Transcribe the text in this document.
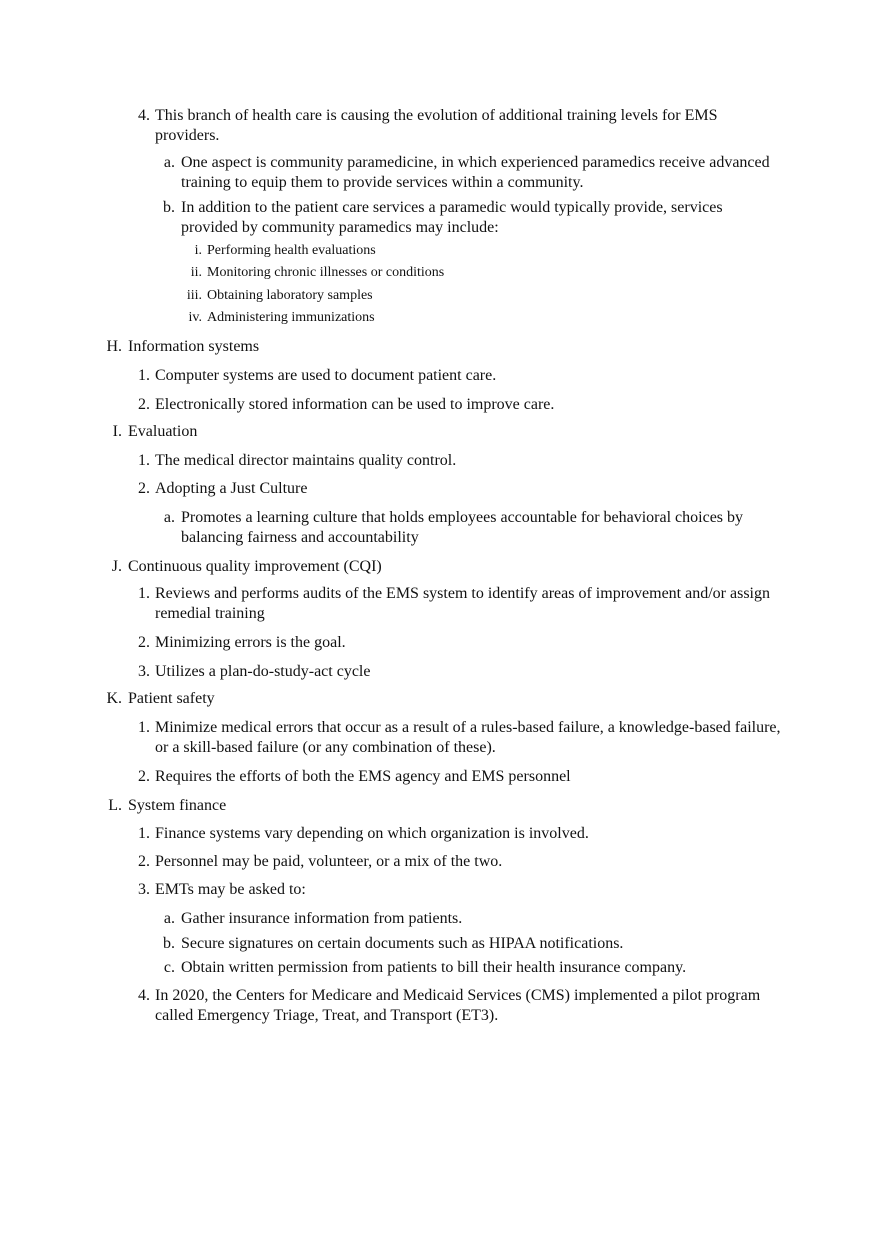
4. This branch of health care is causing the evolution of additional training levels for EMS providers.
a. One aspect is community paramedicine, in which experienced paramedics receive advanced training to equip them to provide services within a community.
b. In addition to the patient care services a paramedic would typically provide, services provided by community paramedics may include:
i. Performing health evaluations
ii. Monitoring chronic illnesses or conditions
iii. Obtaining laboratory samples
iv. Administering immunizations
H. Information systems
1. Computer systems are used to document patient care.
2. Electronically stored information can be used to improve care.
I. Evaluation
1. The medical director maintains quality control.
2. Adopting a Just Culture
a. Promotes a learning culture that holds employees accountable for behavioral choices by balancing fairness and accountability
J. Continuous quality improvement (CQI)
1. Reviews and performs audits of the EMS system to identify areas of improvement and/or assign remedial training
2. Minimizing errors is the goal.
3. Utilizes a plan-do-study-act cycle
K. Patient safety
1. Minimize medical errors that occur as a result of a rules-based failure, a knowledge-based failure, or a skill-based failure (or any combination of these).
2. Requires the efforts of both the EMS agency and EMS personnel
L. System finance
1. Finance systems vary depending on which organization is involved.
2. Personnel may be paid, volunteer, or a mix of the two.
3. EMTs may be asked to:
a. Gather insurance information from patients.
b. Secure signatures on certain documents such as HIPAA notifications.
c. Obtain written permission from patients to bill their health insurance company.
4. In 2020, the Centers for Medicare and Medicaid Services (CMS) implemented a pilot program called Emergency Triage, Treat, and Transport (ET3).
